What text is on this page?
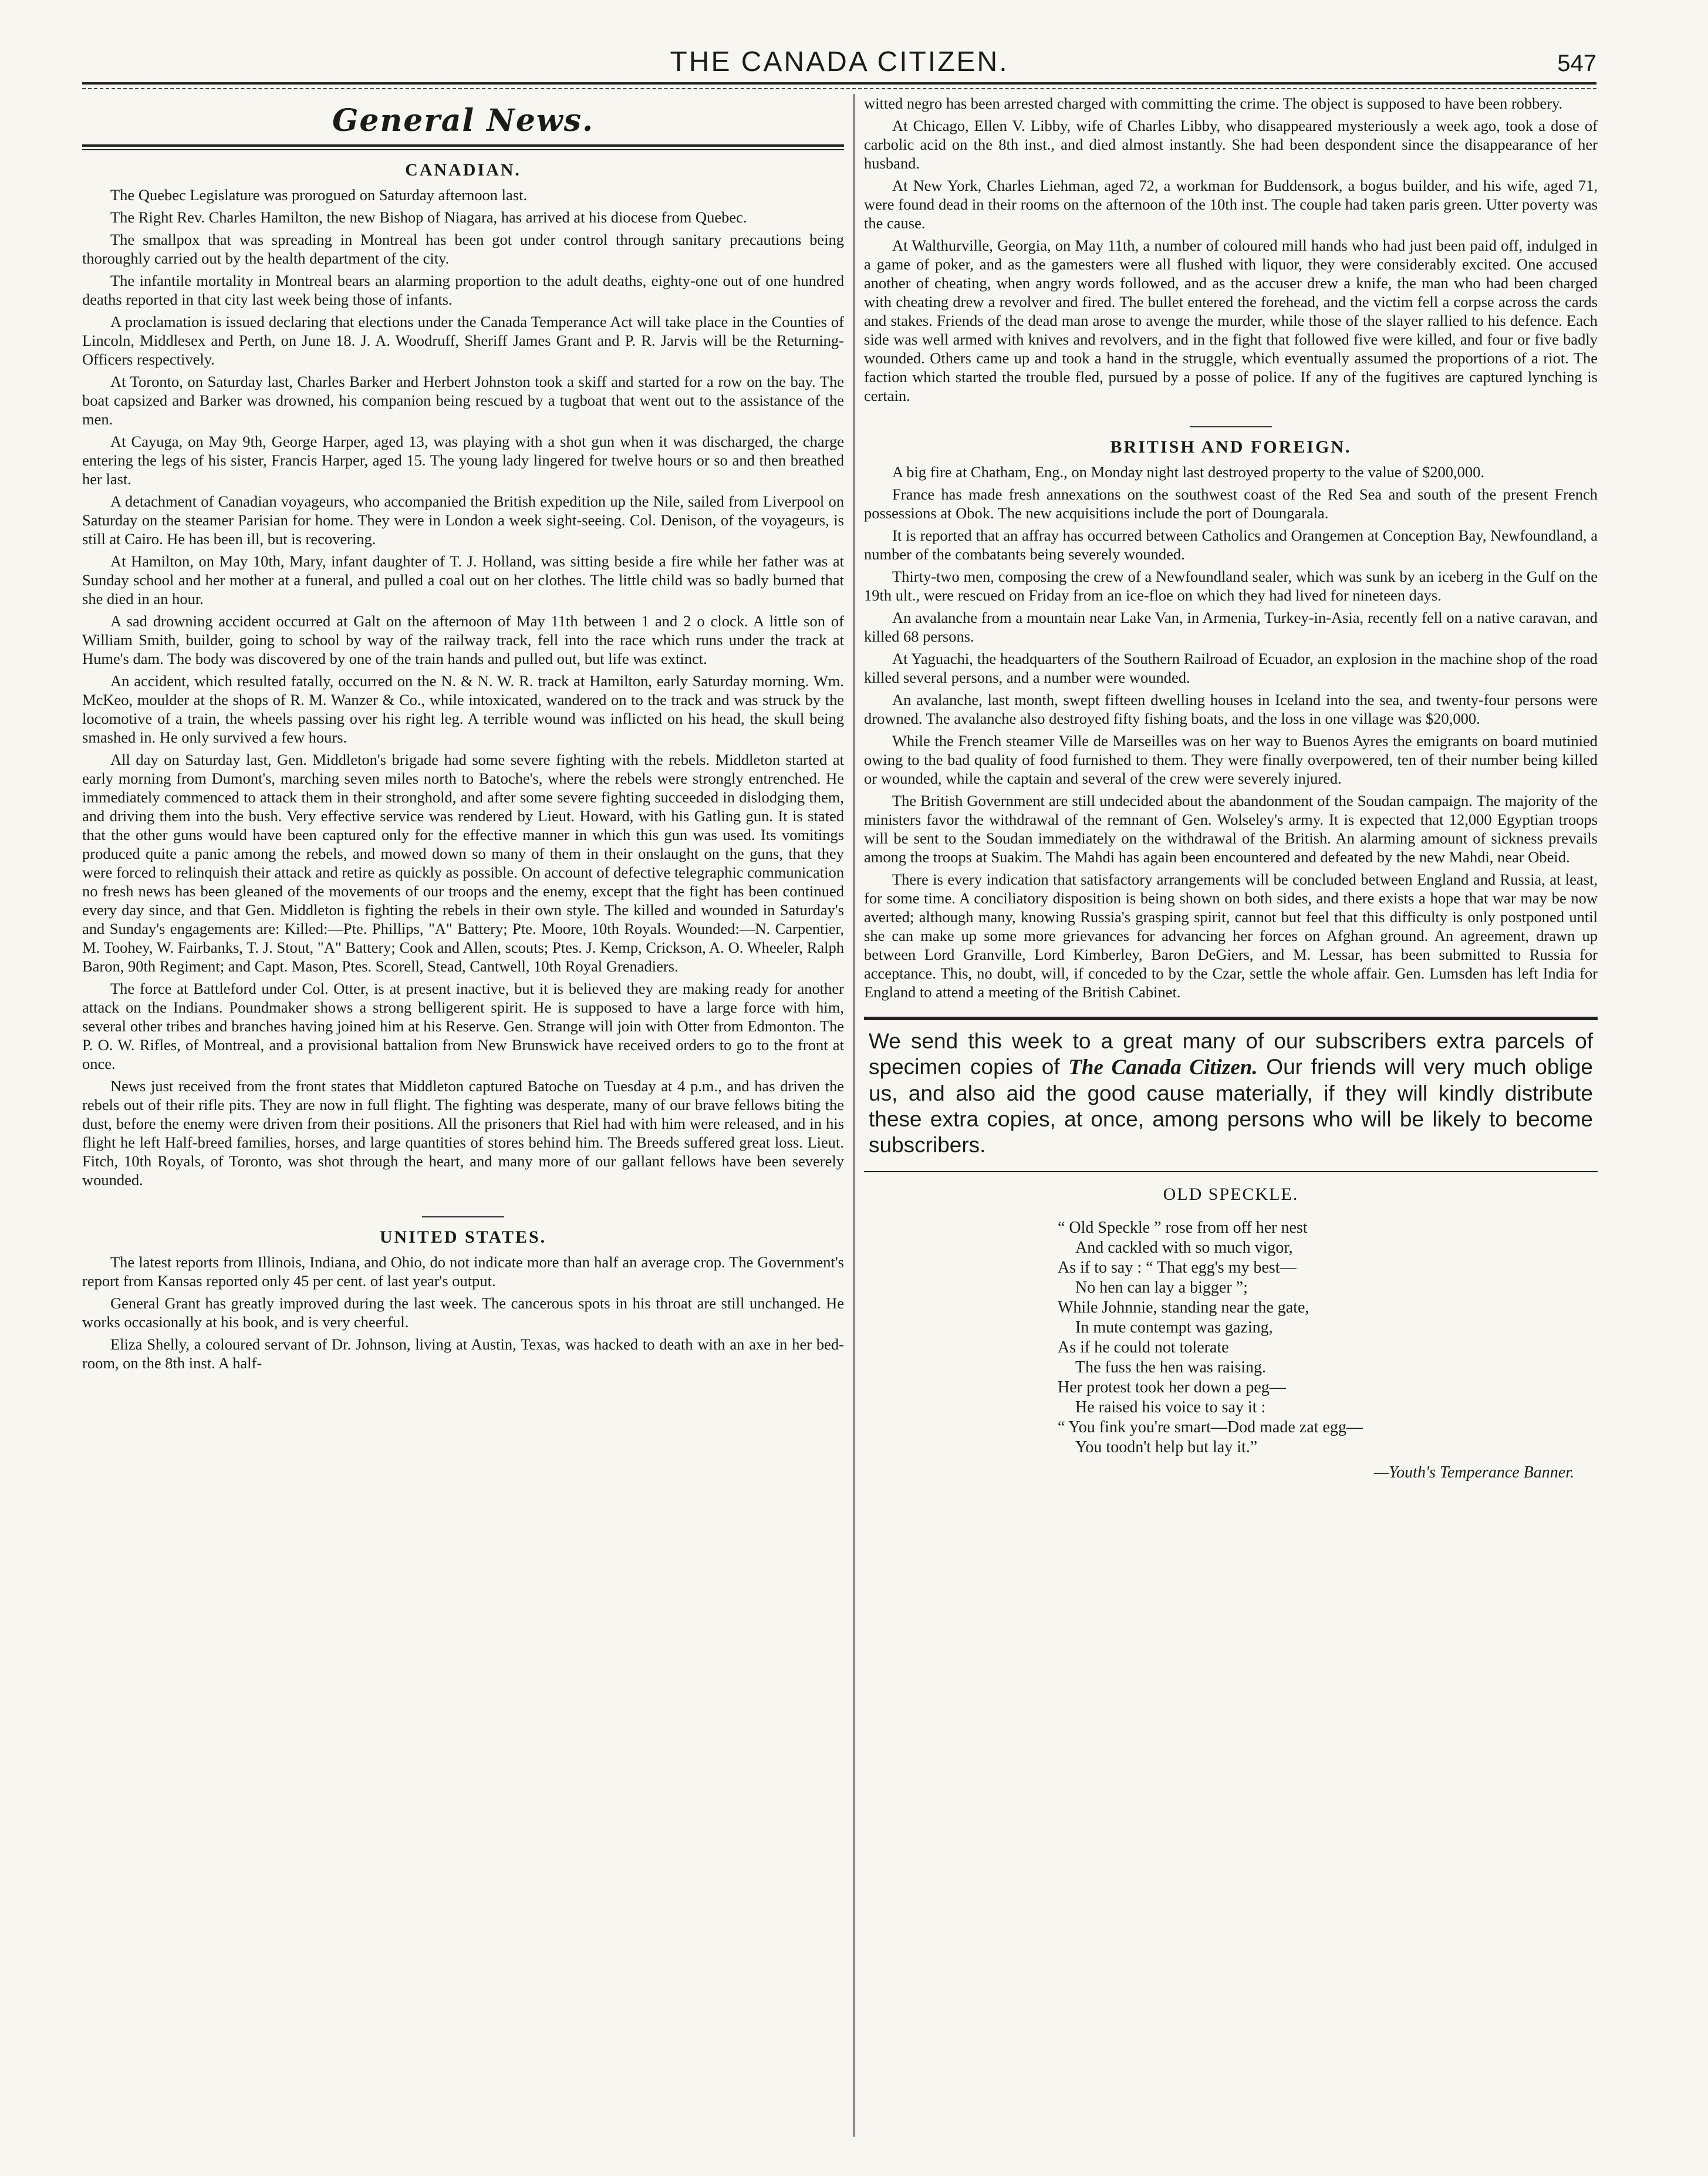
THE CANADA CITIZEN.	547
General News.
CANADIAN.

The Quebec Legislature was prorogued on Saturday afternoon last.

The Right Rev. Charles Hamilton, the new Bishop of Niagara, has arrived at his diocese from Quebec.

The smallpox that was spreading in Montreal has been got under control through sanitary precautions being thoroughly carried out by the health department of the city.

The infantile mortality in Montreal bears an alarming proportion to the adult deaths, eighty-one out of one hundred deaths reported in that city last week being those of infants.

A proclamation is issued declaring that elections under the Canada Temperance Act will take place in the Counties of Lincoln, Middlesex and Perth, on June 18. J. A. Woodruff, Sheriff James Grant and P. R. Jarvis will be the Returning-Officers respectively.

At Toronto, on Saturday last, Charles Barker and Herbert Johnston took a skiff and started for a row on the bay. The boat capsized and Barker was drowned, his companion being rescued by a tugboat that went out to the assistance of the men.

At Cayuga, on May 9th, George Harper, aged 13, was playing with a shot gun when it was discharged, the charge entering the legs of his sister, Francis Harper, aged 15. The young lady lingered for twelve hours or so and then breathed her last.

A detachment of Canadian voyageurs, who accompanied the British expedition up the Nile, sailed from Liverpool on Saturday on the steamer Parisian for home. They were in London a week sight-seeing. Col. Denison, of the voyageurs, is still at Cairo. He has been ill, but is recovering.

At Hamilton, on May 10th, Mary, infant daughter of T. J. Holland, was sitting beside a fire while her father was at Sunday school and her mother at a funeral, and pulled a coal out on her clothes. The little child was so badly burned that she died in an hour.

A sad drowning accident occurred at Galt on the afternoon of May 11th between 1 and 2 o clock. A little son of William Smith, builder, going to school by way of the railway track, fell into the race which runs under the track at Hume's dam. The body was discovered by one of the train hands and pulled out, but life was extinct.

An accident, which resulted fatally, occurred on the N. & N. W. R. track at Hamilton, early Saturday morning. Wm. McKeo, moulder at the shops of R. M. Wanzer & Co., while intoxicated, wandered on to the track and was struck by the locomotive of a train, the wheels passing over his right leg. A terrible wound was inflicted on his head, the skull being smashed in. He only survived a few hours.

All day on Saturday last, Gen. Middleton's brigade had some severe fighting with the rebels. Middleton started at early morning from Dumont's, marching seven miles north to Batoche's, where the rebels were strongly entrenched. He immediately commenced to attack them in their stronghold, and after some severe fighting succeeded in dislodging them, and driving them into the bush. Very effective service was rendered by Lieut. Howard, with his Gatling gun. It is stated that the other guns would have been captured only for the effective manner in which this gun was used. Its vomitings produced quite a panic among the rebels, and mowed down so many of them in their onslaught on the guns, that they were forced to relinquish their attack and retire as quickly as possible. On account of defective telegraphic communication no fresh news has been gleaned of the movements of our troops and the enemy, except that the fight has been continued every day since, and that Gen. Middleton is fighting the rebels in their own style. The killed and wounded in Saturday's and Sunday's engagements are: Killed:—Pte. Phillips, "A" Battery; Pte. Moore, 10th Royals. Wounded:—N. Carpentier, M. Toohey, W. Fairbanks, T. J. Stout, "A" Battery; Cook and Allen, scouts; Ptes. J. Kemp, Crickson, A. O. Wheeler, Ralph Baron, 90th Regiment; and Capt. Mason, Ptes. Scorell, Stead, Cantwell, 10th Royal Grenadiers.

The force at Battleford under Col. Otter, is at present inactive, but it is believed they are making ready for another attack on the Indians. Poundmaker shows a strong belligerent spirit. He is supposed to have a large force with him, several other tribes and branches having joined him at his Reserve. Gen. Strange will join with Otter from Edmonton. The P. O. W. Rifles, of Montreal, and a provisional battalion from New Brunswick have received orders to go to the front at once.

News just received from the front states that Middleton captured Batoche on Tuesday at 4 p.m., and has driven the rebels out of their rifle pits. They are now in full flight. The fighting was desperate, many of our brave fellows biting the dust, before the enemy were driven from their positions. All the prisoners that Riel had with him were released, and in his flight he left Half-breed families, horses, and large quantities of stores behind him. The Breeds suffered great loss. Lieut. Fitch, 10th Royals, of Toronto, was shot through the heart, and many more of our gallant fellows have been severely wounded.

UNITED STATES.

The latest reports from Illinois, Indiana, and Ohio, do not indicate more than half an average crop. The Government's report from Kansas reported only 45 per cent. of last year's output.

General Grant has greatly improved during the last week. The cancerous spots in his throat are still unchanged. He works occasionally at his book, and is very cheerful.

Eliza Shelly, a coloured servant of Dr. Johnson, living at Austin, Texas, was hacked to death with an axe in her bed-room, on the 8th inst. A half-

witted negro has been arrested charged with committing the crime. The object is supposed to have been robbery.

At Chicago, Ellen V. Libby, wife of Charles Libby, who disappeared mysteriously a week ago, took a dose of carbolic acid on the 8th inst., and died almost instantly. She had been despondent since the disappearance of her husband.

At New York, Charles Liehman, aged 72, a workman for Buddensork, a bogus builder, and his wife, aged 71, were found dead in their rooms on the afternoon of the 10th inst. The couple had taken paris green. Utter poverty was the cause.

At Walthurville, Georgia, on May 11th, a number of coloured mill hands who had just been paid off, indulged in a game of poker, and as the gamesters were all flushed with liquor, they were considerably excited. One accused another of cheating, when angry words followed, and as the accuser drew a knife, the man who had been charged with cheating drew a revolver and fired. The bullet entered the forehead, and the victim fell a corpse across the cards and stakes. Friends of the dead man arose to avenge the murder, while those of the slayer rallied to his defence. Each side was well armed with knives and revolvers, and in the fight that followed five were killed, and four or five badly wounded. Others came up and took a hand in the struggle, which eventually assumed the proportions of a riot. The faction which started the trouble fled, pursued by a posse of police. If any of the fugitives are captured lynching is certain.

BRITISH AND FOREIGN.

A big fire at Chatham, Eng., on Monday night last destroyed property to the value of $200,000.

France has made fresh annexations on the southwest coast of the Red Sea and south of the present French possessions at Obok. The new acquisitions include the port of Doungarala.

It is reported that an affray has occurred between Catholics and Orangemen at Conception Bay, Newfoundland, a number of the combatants being severely wounded.

Thirty-two men, composing the crew of a Newfoundland sealer, which was sunk by an iceberg in the Gulf on the 19th ult., were rescued on Friday from an ice-floe on which they had lived for nineteen days.

An avalanche from a mountain near Lake Van, in Armenia, Turkey-in-Asia, recently fell on a native caravan, and killed 68 persons.

At Yaguachi, the headquarters of the Southern Railroad of Ecuador, an explosion in the machine shop of the road killed several persons, and a number were wounded.

An avalanche, last month, swept fifteen dwelling houses in Iceland into the sea, and twenty-four persons were drowned. The avalanche also destroyed fifty fishing boats, and the loss in one village was $20,000.

While the French steamer Ville de Marseilles was on her way to Buenos Ayres the emigrants on board mutinied owing to the bad quality of food furnished to them. They were finally overpowered, ten of their number being killed or wounded, while the captain and several of the crew were severely injured.

The British Government are still undecided about the abandonment of the Soudan campaign. The majority of the ministers favor the withdrawal of the remnant of Gen. Wolseley's army. It is expected that 12,000 Egyptian troops will be sent to the Soudan immediately on the withdrawal of the British. An alarming amount of sickness prevails among the troops at Suakim. The Mahdi has again been encountered and defeated by the new Mahdi, near Obeid.

There is every indication that satisfactory arrangements will be concluded between England and Russia, at least, for some time. A conciliatory disposition is being shown on both sides, and there exists a hope that war may be now averted; although many, knowing Russia's grasping spirit, cannot but feel that this difficulty is only postponed until she can make up some more grievances for advancing her forces on Afghan ground. An agreement, drawn up between Lord Granville, Lord Kimberley, Baron DeGiers, and M. Lessar, has been submitted to Russia for acceptance. This, no doubt, will, if conceded to by the Czar, settle the whole affair. Gen. Lumsden has left India for England to attend a meeting of the British Cabinet.

We send this week to a great many of our subscribers extra parcels of specimen copies of The Canada Citizen. Our friends will very much oblige us, and also aid the good cause materially, if they will kindly distribute these extra copies, at once, among persons who will be likely to become subscribers.
OLD SPECKLE.
“ Old Speckle ” rose from off her nest
And cackled with so much vigor,
As if to say : “ That egg's my best—
No hen can lay a bigger ”;
While Johnnie, standing near the gate,
In mute contempt was gazing,
As if he could not tolerate
The fuss the hen was raising.
Her protest took her down a peg—
He raised his voice to say it :
“ You fink you're smart—Dod made zat egg—
You toodn't help but lay it.”
—Youth's Temperance Banner.
